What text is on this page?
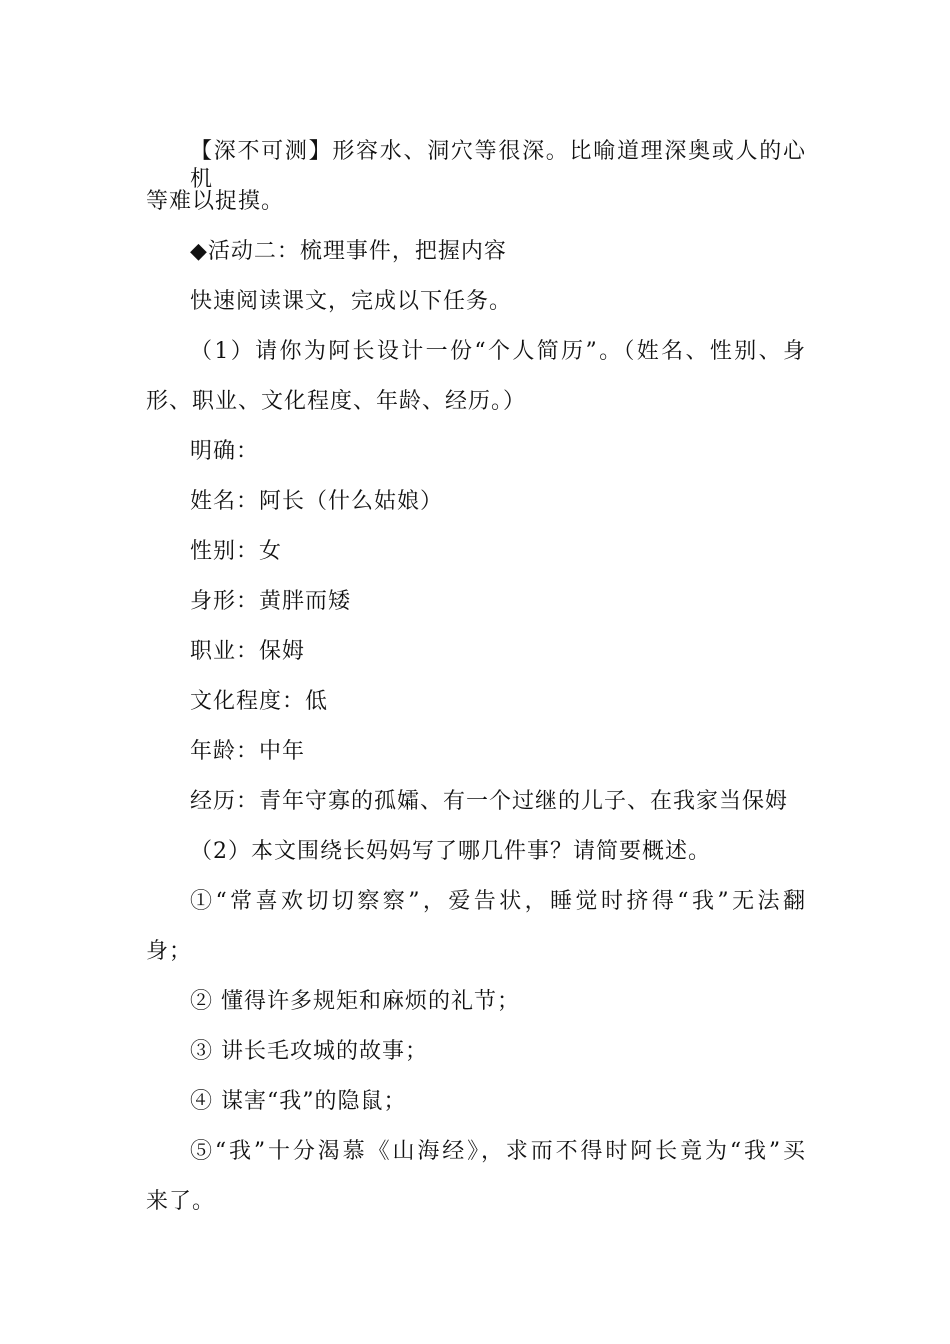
【深不可测】形容水、洞穴等很深。比喻道理深奥或人的心机
等难以捉摸。
◆活动二：梳理事件，把握内容
快速阅读课文，完成以下任务。
（1）请你为阿长设计一份“个人简历”。（姓名、性别、身
形、职业、文化程度、年龄、经历。）
明确：
姓名：阿长（什么姑娘）
性别：女
身形：黄胖而矮
职业：保姆
文化程度：低
年龄：中年
经历：青年守寡的孤孀、有一个过继的儿子、在我家当保姆
（2）本文围绕长妈妈写了哪几件事？请简要概述。
①“常喜欢切切察察”，爱告状，睡觉时挤得“我”无法翻
身；
② 懂得许多规矩和麻烦的礼节；
③ 讲长毛攻城的故事；
④ 谋害“我”的隐鼠；
⑤“我”十分渴慕《山海经》，求而不得时阿长竟为“我”买
来了。
